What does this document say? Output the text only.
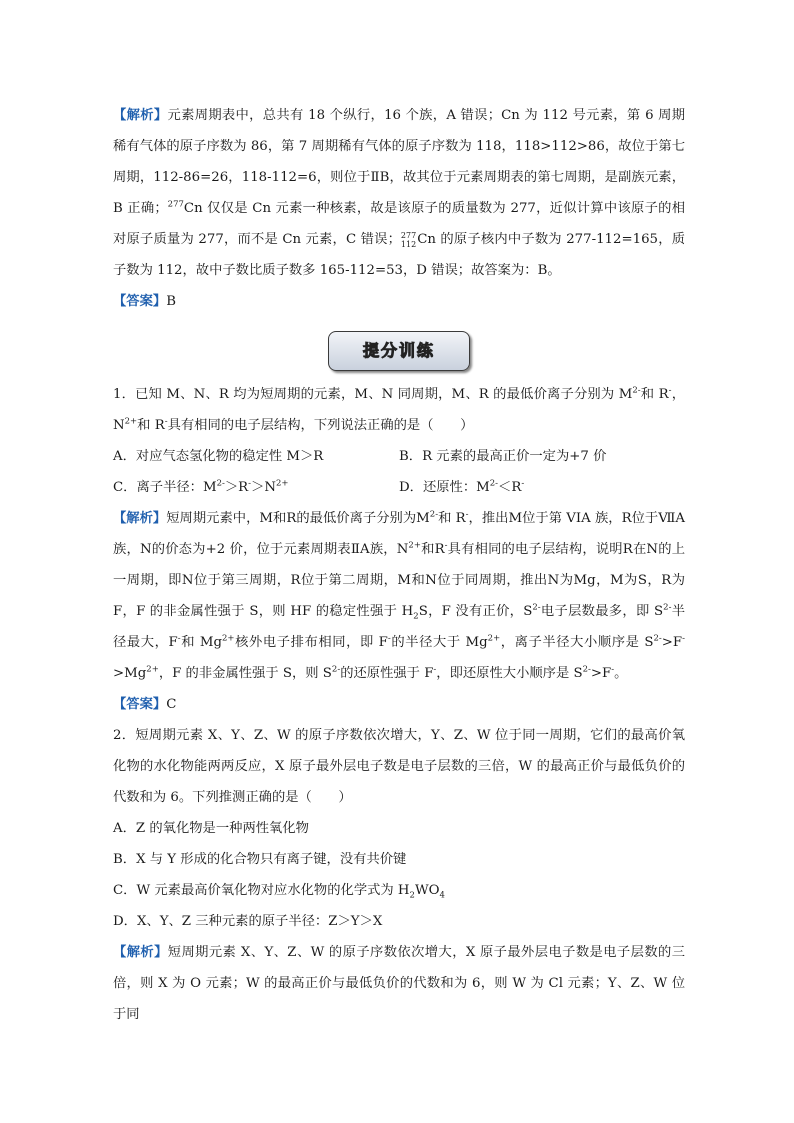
【解析】元素周期表中，总共有 18 个纵行，16 个族，A 错误；Cn 为 112 号元素，第 6 周期稀有气体的原子序数为 86，第 7 周期稀有气体的原子序数为 118，118>112>86，故位于第七周期，112-86=26，118-112=6，则位于ⅡB，故其位于元素周期表的第七周期，是副族元素，B 正确；$^{277}$Cn 仅仅是 Cn 元素一种核素，故是该原子的质量数为 277，近似计算中该原子的相对原子质量为 277，而不是 Cn 元素，C 错误；277
112Cn 的原子核内中子数为 277-112=165，质子数为 112，故中子数比质子数多 165-112=53，D 错误；故答案为：B。

【答案】B

提分训练

1．已知 M、N、R 均为短周期的元素，M、N 同周期，M、R 的最低价离子分别为 $M^{2-}$和 R-，$N^{2+}$和 R-具有相同的电子层结构，下列说法正确的是（　　）

A．对应气态氢化物的稳定性 M＞R	B．R 元素的最高正价一定为+7 价
C．离子半径：$M^{2-}>R^->N^{2+}$	D．还原性：$M^{2-}<R^-$

【解析】短周期元素中，M和R的最低价离子分别为$M^{2-}$和 R-，推出M位于第 VIA 族，R位于ⅦA族，N的价态为+2 价，位于元素周期表ⅡA族，$N^{2+}$和R-具有相同的电子层结构，说明R在N的上一周期，即N位于第三周期，R位于第二周期，M和N位于同周期，推出N为Mg，M为S，R为F，F 的非金属性强于 S，则 HF 的稳定性强于 $H_2S$，F 没有正价，$S^{2-}$电子层数最多，即 $S^{2-}$半径最大，F-和 $Mg^{2+}$核外电子排布相同，即 F-的半径大于 $Mg^{2+}$，离子半径大小顺序是 $S^{2-}>F^->Mg^{2+}$，F 的非金属性强于 S，则 $S^{2-}$的还原性强于 F-，即还原性大小顺序是 $S^{2-}>F^-$。

【答案】C

2．短周期元素 X、Y、Z、W 的原子序数依次增大，Y、Z、W 位于同一周期，它们的最高价氧化物的水化物能两两反应，X 原子最外层电子数是电子层数的三倍，W 的最高正价与最低负价的代数和为 6。下列推测正确的是（　　）

A．Z 的氧化物是一种两性氧化物

B．X 与 Y 形成的化合物只有离子键，没有共价键

C．W 元素最高价氧化物对应水化物的化学式为 $H_2WO_4$

D．X、Y、Z 三种元素的原子半径：Z＞Y＞X

【解析】短周期元素 X、Y、Z、W 的原子序数依次增大，X 原子最外层电子数是电子层数的三倍，则 X 为 O 元素；W 的最高正价与最低负价的代数和为 6，则 W 为 Cl 元素；Y、Z、W 位于同
